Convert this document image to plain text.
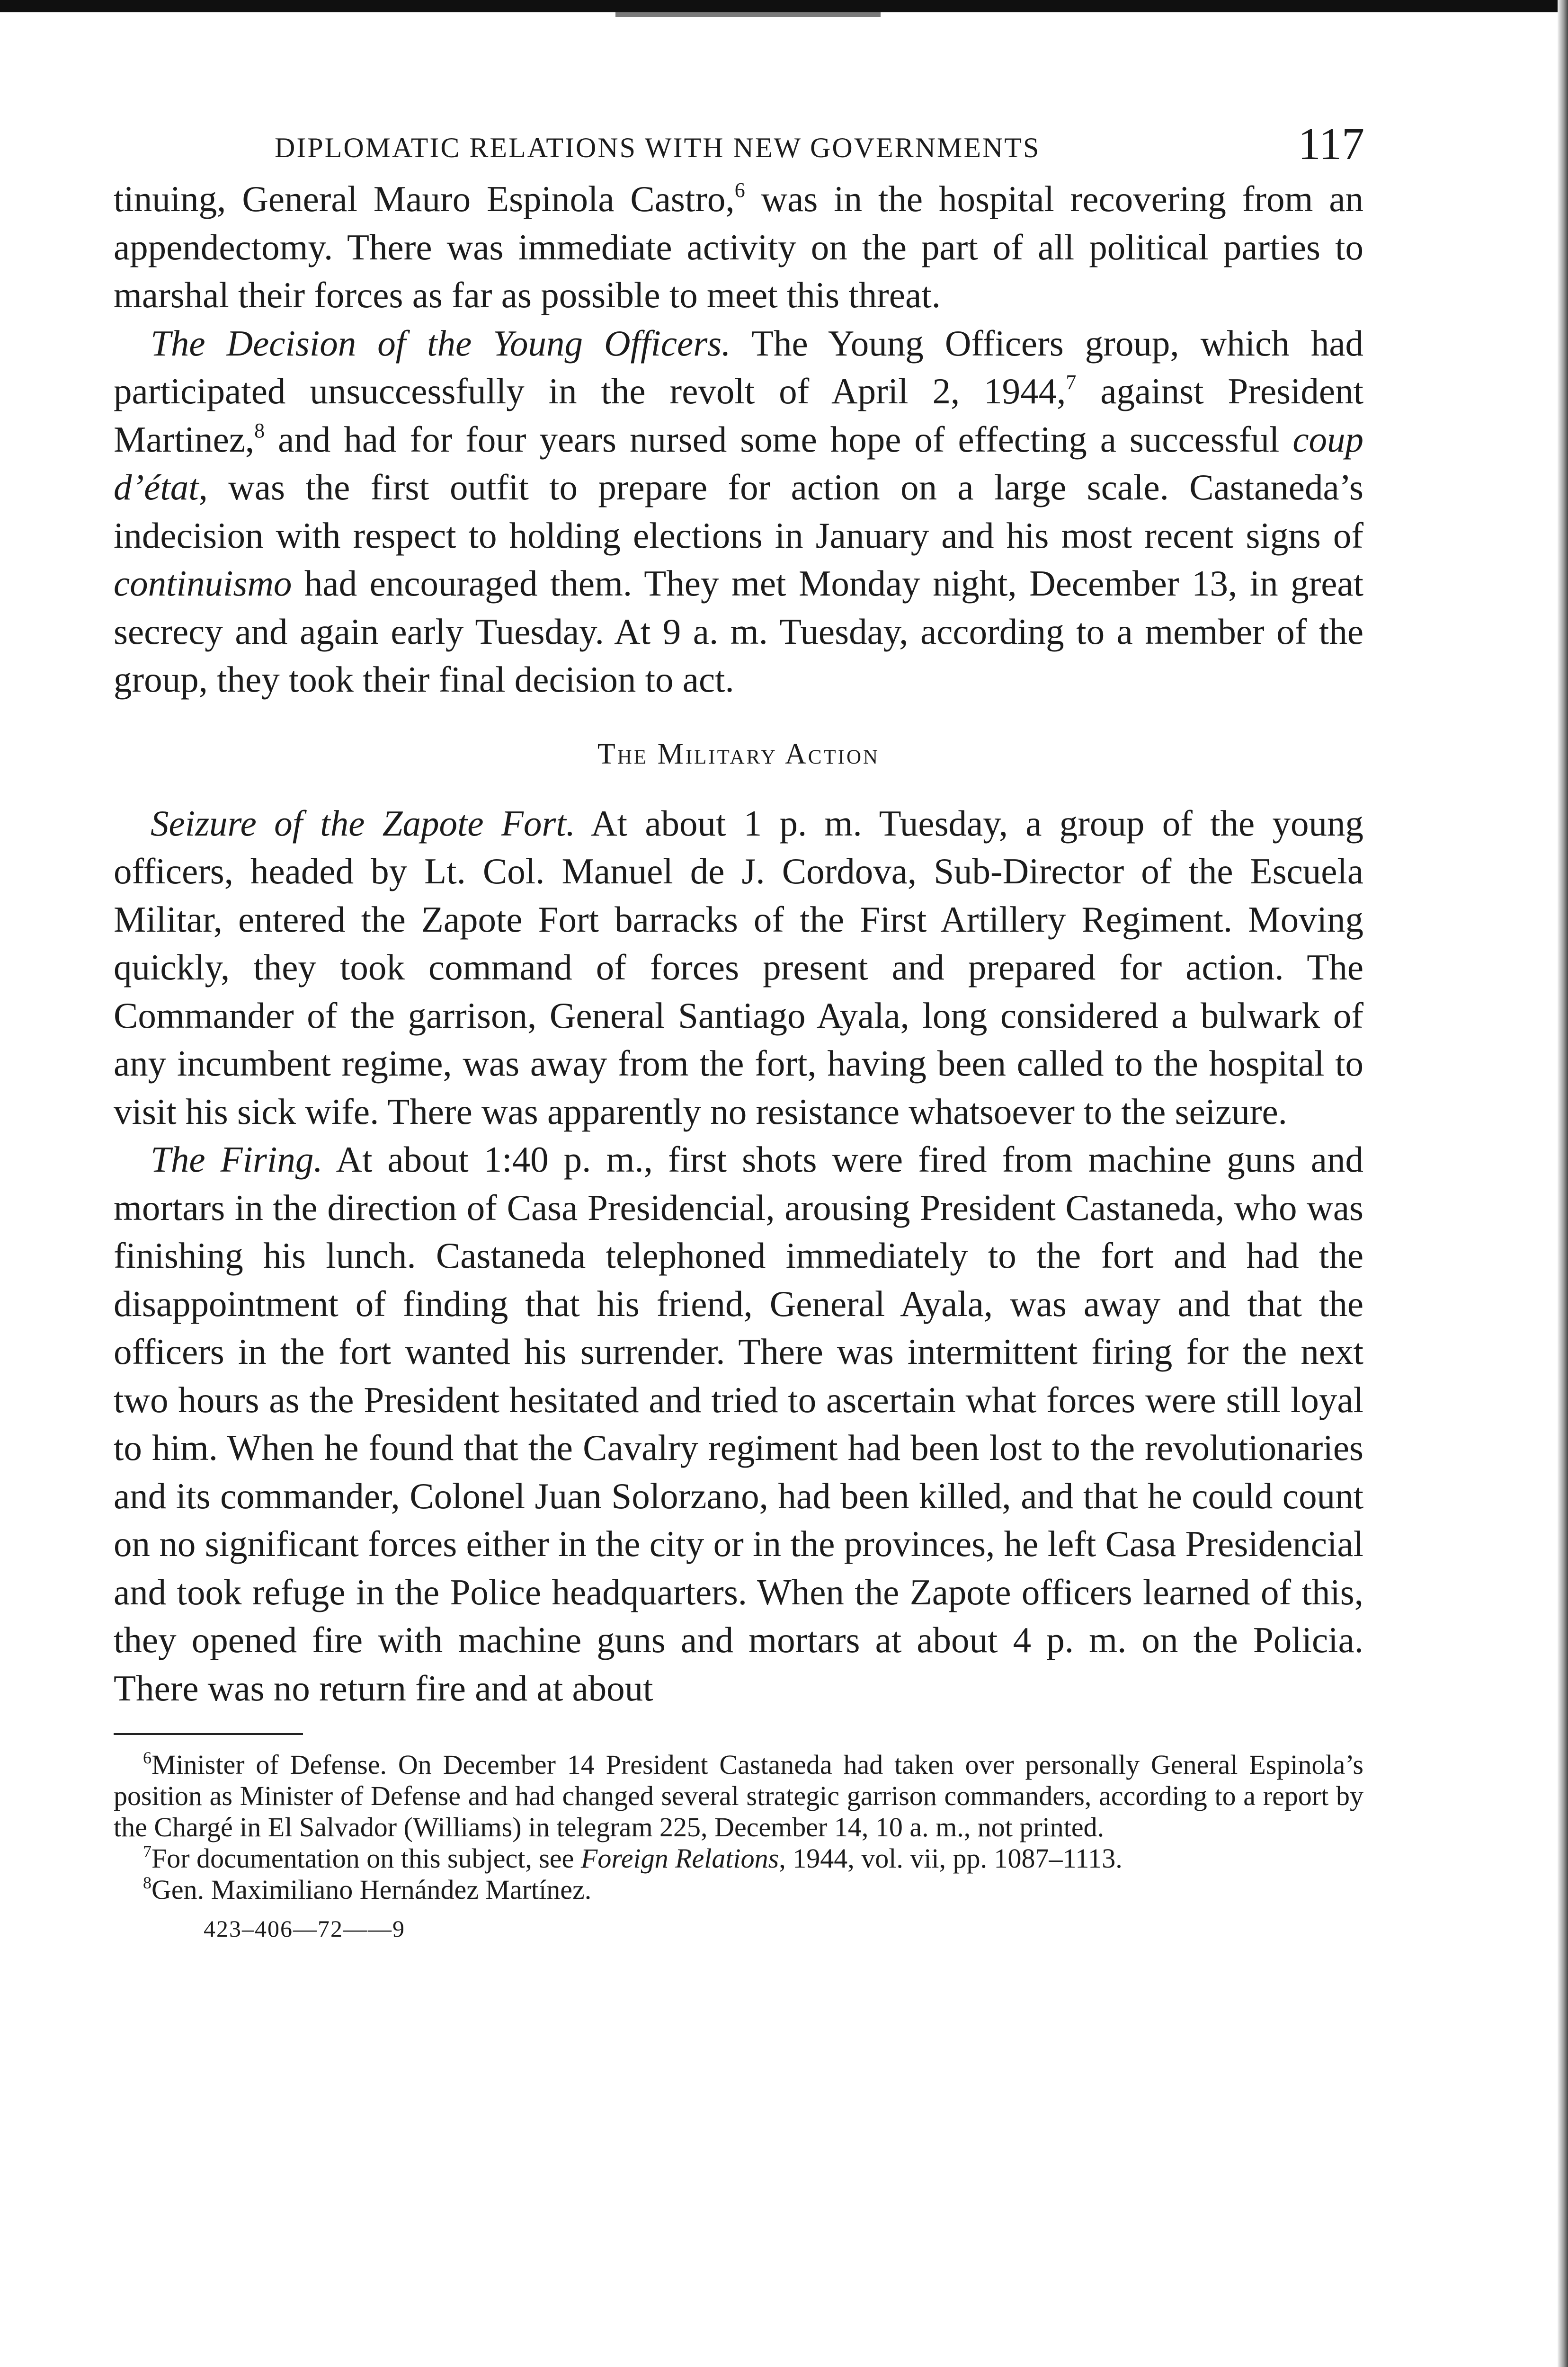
DIPLOMATIC RELATIONS WITH NEW GOVERNMENTS	117

tinuing, General Mauro Espinola Castro,$^6$ was in the hospital recovering from an appendectomy. There was immediate activity on the part of all political parties to marshal their forces as far as possible to meet this threat.

The Decision of the Young Officers. The Young Officers group, which had participated unsuccessfully in the revolt of April 2, 1944,$^7$ against President Martinez,$^8$ and had for four years nursed some hope of effecting a successful coup d’état, was the first outfit to prepare for action on a large scale. Castaneda’s indecision with respect to holding elections in January and his most recent signs of continuismo had encouraged them. They met Monday night, December 13, in great secrecy and again early Tuesday. At 9 a. m. Tuesday, according to a member of the group, they took their final decision to act.

The Military Action

Seizure of the Zapote Fort. At about 1 p. m. Tuesday, a group of the young officers, headed by Lt. Col. Manuel de J. Cordova, Sub-Director of the Escuela Militar, entered the Zapote Fort barracks of the First Artillery Regiment. Moving quickly, they took command of forces present and prepared for action. The Commander of the garrison, General Santiago Ayala, long considered a bulwark of any incumbent regime, was away from the fort, having been called to the hospital to visit his sick wife. There was apparently no resistance whatsoever to the seizure.

The Firing. At about 1:40 p. m., first shots were fired from machine guns and mortars in the direction of Casa Presidencial, arousing President Castaneda, who was finishing his lunch. Castaneda telephoned immediately to the fort and had the disappointment of finding that his friend, General Ayala, was away and that the officers in the fort wanted his surrender. There was intermittent firing for the next two hours as the President hesitated and tried to ascertain what forces were still loyal to him. When he found that the Cavalry regiment had been lost to the revolutionaries and its commander, Colonel Juan Solorzano, had been killed, and that he could count on no significant forces either in the city or in the provinces, he left Casa Presidencial and took refuge in the Police headquarters. When the Zapote officers learned of this, they opened fire with machine guns and mortars at about 4 p. m. on the Policia. There was no return fire and at about

$^6$Minister of Defense. On December 14 President Castaneda had taken over personally General Espinola’s position as Minister of Defense and had changed several strategic garrison commanders, according to a report by the Chargé in El Salvador (Williams) in telegram 225, December 14, 10 a. m., not printed.

$^7$For documentation on this subject, see Foreign Relations, 1944, vol. vii, pp. 1087–1113.

$^8$Gen. Maximiliano Hernández Martínez.

423–406—72——9
